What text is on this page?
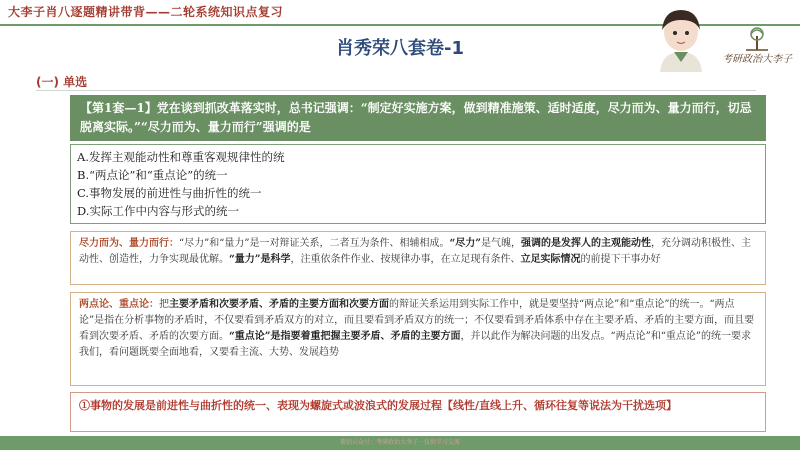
大李子肖八逐题精讲带背——二轮系统知识点复习
肖秀荣八套卷-1
考研政治大李子
(一) 单选
【第1套—1】党在谈到抓改革落实时，总书记强调：“制定好实施方案，做到精准施策、适时适度，尽力而为、量力而行，切忌脱离实际。”“尽力而为、量力而行”强调的是
A.发挥主观能动性和尊重客观规律性的统
B.“两点论”和“重点论”的统一
C.事物发展的前进性与曲折性的统一
D.实际工作中内容与形式的统一
尽力而为、量力而行：“尽力”和“量力”是一对辩证关系，二者互为条件、相辅相成。“尽力”是气魄，强调的是发挥人的主观能动性，充分调动积极性、主动性、创造性，力争实现最优解。“量力”是科学，注重依条件作业、按规律办事，在立足现有条件、立足实际情况的前提下干事办好
两点论、重点论：把主要矛盾和次要矛盾、矛盾的主要方面和次要方面的辩证关系运用到实际工作中，就是要坚持“两点论”和“重点论”的统一。“两点论”是指在分析事物的矛盾时，不仅要看到矛盾双方的对立，而且要看到矛盾双方的统一；不仅要看到矛盾体系中存在主要矛盾、矛盾的主要方面，而且要看到次要矛盾、矛盾的次要方面。“重点论”是指要着重把握主要矛盾、矛盾的主要方面，并以此作为解决问题的出发点。“两点论”和“重点论”的统一要求我们，看问题既要全面地看，又要看主流、大势、发展趋势
①事物的发展是前进性与曲折性的统一、表现为螺旋式或波浪式的发展过程【线性/直线上升、循环往复等说法为干扰选项】
微信公众号：考研政治大李子 · 仅供学习交流
